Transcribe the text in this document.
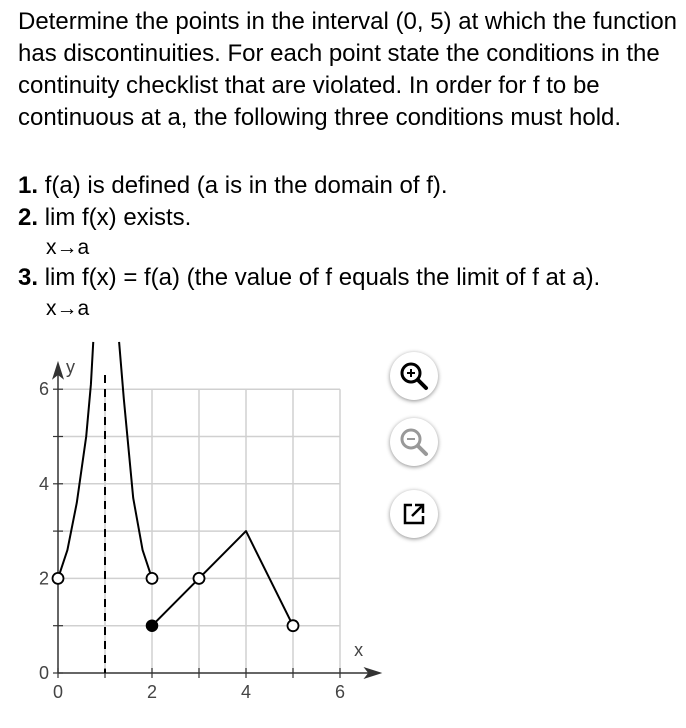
Determine the points in the interval (0, 5) at which the function has discontinuities. For each point state the conditions in the continuity checklist that are violated. In order for f to be continuous at a, the following three conditions must hold.

1. f(a) is defined (a is in the domain of f).
2. lim f(x) exists.
x→a
3. lim f(x) = f(a) (the value of f equals the limit of f at a).
x→a
0	2	4	6
0
2
4
6
x
y
